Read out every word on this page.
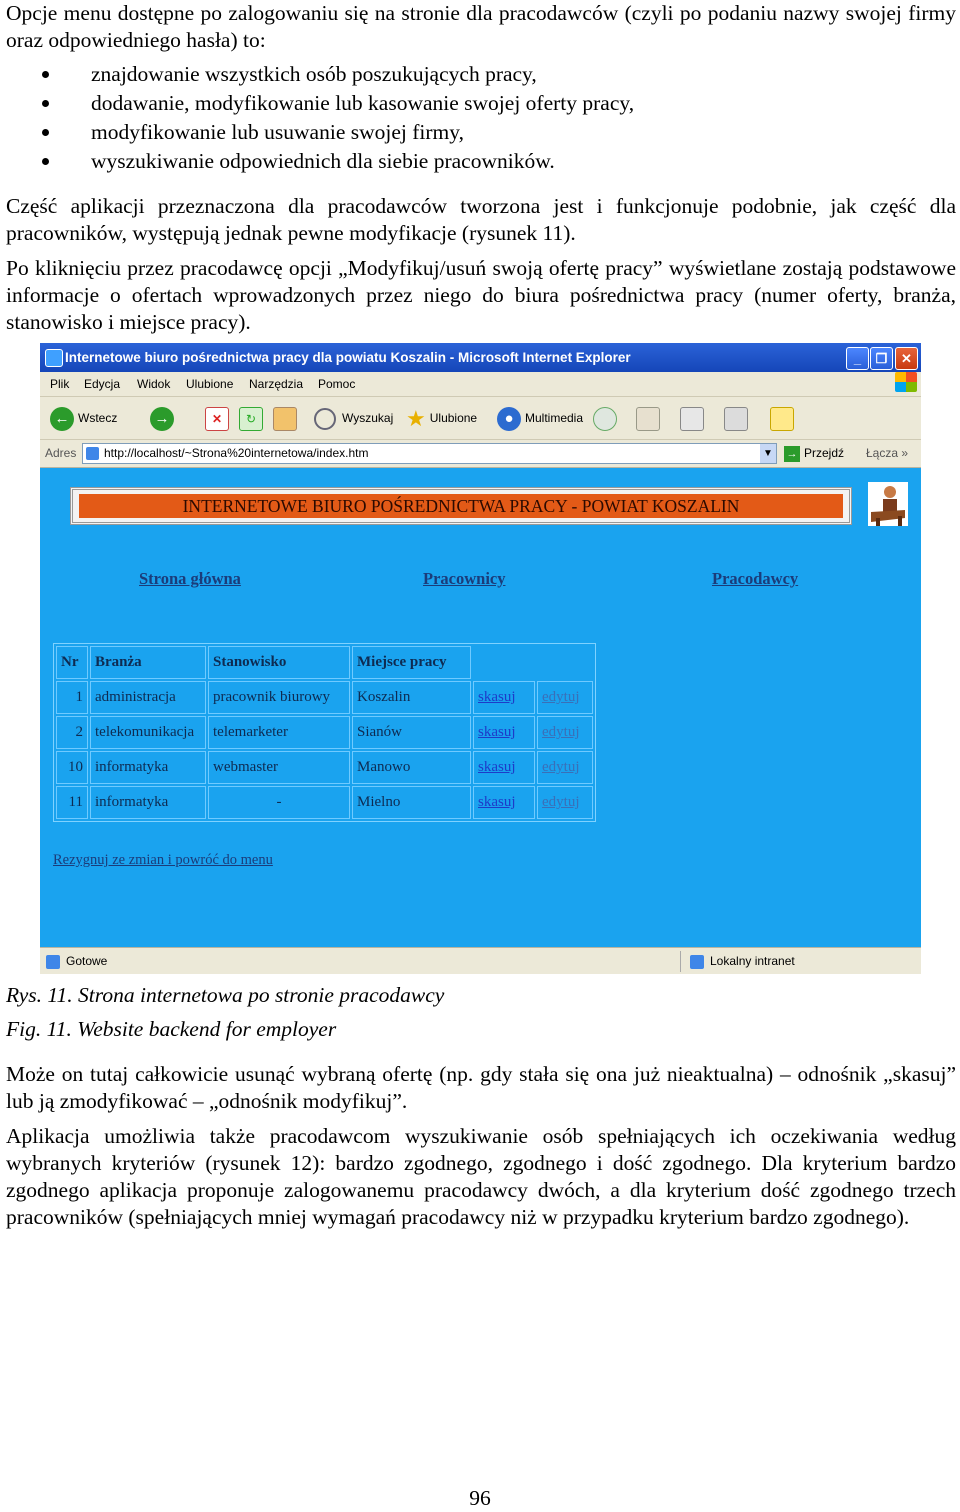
Opcje menu dostępne po zalogowaniu się na stronie dla pracodawców (czyli po podaniu nazwy swojej firmy oraz odpowiedniego hasła) to:

znajdowanie wszystkich osób poszukujących pracy,
dodawanie, modyfikowanie lub kasowanie swojej oferty pracy,
modyfikowanie lub usuwanie swojej firmy,
wyszukiwanie odpowiednich dla siebie pracowników.

Część aplikacji przeznaczona dla pracodawców tworzona jest i funkcjonuje podobnie, jak część dla pracowników, występują jednak pewne modyfikacje (rysunek 11).

Po kliknięciu przez pracodawcę opcji „Modyfikuj/usuń swoją ofertę pracy” wyświetlane zostają podstawowe informacje o ofertach wprowadzonych przez niego do biura pośrednictwa pracy (numer oferty, branża, stanowisko i miejsce pracy).

Internetowe biuro pośrednictwa pracy dla powiatu Koszalin - Microsoft Internet Explorer	_	❐	✕
Plik Edycja Widok Ulubione Narzędzia Pomoc
← Wstecz	→	✕	↻	Wyszukaj ★ Ulubione	● Multimedia
Adres	http://localhost/~Strona%20internetowa/index.htm	▼ → Przejdź Łącza »
INTERNETOWE BIURO POŚREDNICTWA PRACY - POWIAT KOSZALIN
Strona główna	Pracownicy	Pracodawcy
Nr	Branża	Stanowisko	Miejsce pracy		
1	administracja	pracownik biurowy	Koszalin	skasuj	edytuj
2	telekomunikacja	telemarketer	Sianów	skasuj	edytuj
10	informatyka	webmaster	Manowo	skasuj	edytuj
11	informatyka	-	Mielno	skasuj	edytuj
Rezygnuj ze zmian i powróć do menu
Gotowe	Lokalny intranet
Rys. 11. Strona internetowa po stronie pracodawcy
Fig. 11. Website backend for employer

Może on tutaj całkowicie usunąć wybraną ofertę (np. gdy stała się ona już nieaktualna) – odnośnik „skasuj” lub ją zmodyfikować – „odnośnik modyfikuj”.

Aplikacja umożliwia także pracodawcom wyszukiwanie osób spełniających ich oczekiwania według wybranych kryteriów (rysunek 12): bardzo zgodnego, zgodnego i dość zgodnego. Dla kryterium bardzo zgodnego aplikacja proponuje zalogowanemu pracodawcy dwóch, a dla kryterium dość zgodnego trzech pracowników (spełniających mniej wymagań pracodawcy niż w przypadku kryterium bardzo zgodnego).

96
